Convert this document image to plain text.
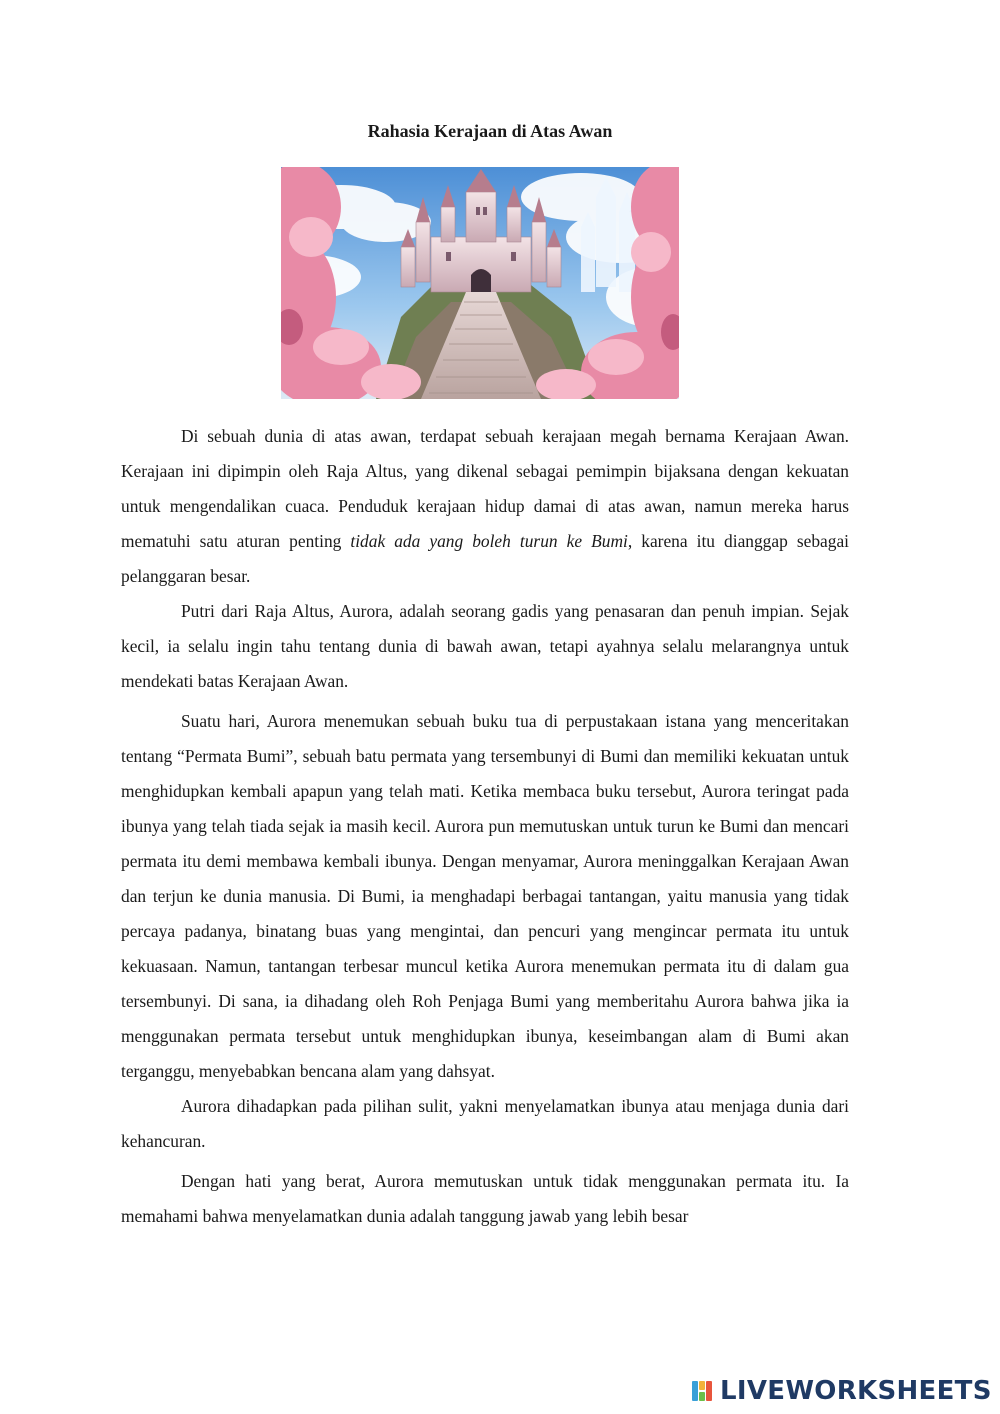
Rahasia Kerajaan di Atas Awan

Di sebuah dunia di atas awan, terdapat sebuah kerajaan megah bernama Kerajaan Awan. Kerajaan ini dipimpin oleh Raja Altus, yang dikenal sebagai pemimpin bijaksana dengan kekuatan untuk mengendalikan cuaca. Penduduk kerajaan hidup damai di atas awan, namun mereka harus mematuhi satu aturan penting tidak ada yang boleh turun ke Bumi, karena itu dianggap sebagai pelanggaran besar.

Putri dari Raja Altus, Aurora, adalah seorang gadis yang penasaran dan penuh impian. Sejak kecil, ia selalu ingin tahu tentang dunia di bawah awan, tetapi ayahnya selalu melarangnya untuk mendekati batas Kerajaan Awan.

Suatu hari, Aurora menemukan sebuah buku tua di perpustakaan istana yang menceritakan tentang “Permata Bumi”, sebuah batu permata yang tersembunyi di Bumi dan memiliki kekuatan untuk menghidupkan kembali apapun yang telah mati. Ketika membaca buku tersebut, Aurora teringat pada ibunya yang telah tiada sejak ia masih kecil. Aurora pun memutuskan untuk turun ke Bumi dan mencari permata itu demi membawa kembali ibunya. Dengan menyamar, Aurora meninggalkan Kerajaan Awan dan terjun ke dunia manusia. Di Bumi, ia menghadapi berbagai tantangan, yaitu manusia yang tidak percaya padanya, binatang buas yang mengintai, dan pencuri yang mengincar permata itu untuk kekuasaan. Namun, tantangan terbesar muncul ketika Aurora menemukan permata itu di dalam gua tersembunyi. Di sana, ia dihadang oleh Roh Penjaga Bumi yang memberitahu Aurora bahwa jika ia menggunakan permata tersebut untuk menghidupkan ibunya, keseimbangan alam di Bumi akan terganggu, menyebabkan bencana alam yang dahsyat.

Aurora dihadapkan pada pilihan sulit, yakni menyelamatkan ibunya atau menjaga dunia dari kehancuran.

Dengan hati yang berat, Aurora memutuskan untuk tidak menggunakan permata itu. Ia memahami bahwa menyelamatkan dunia adalah tanggung jawab yang lebih besar

LIVEWORKSHEETS
